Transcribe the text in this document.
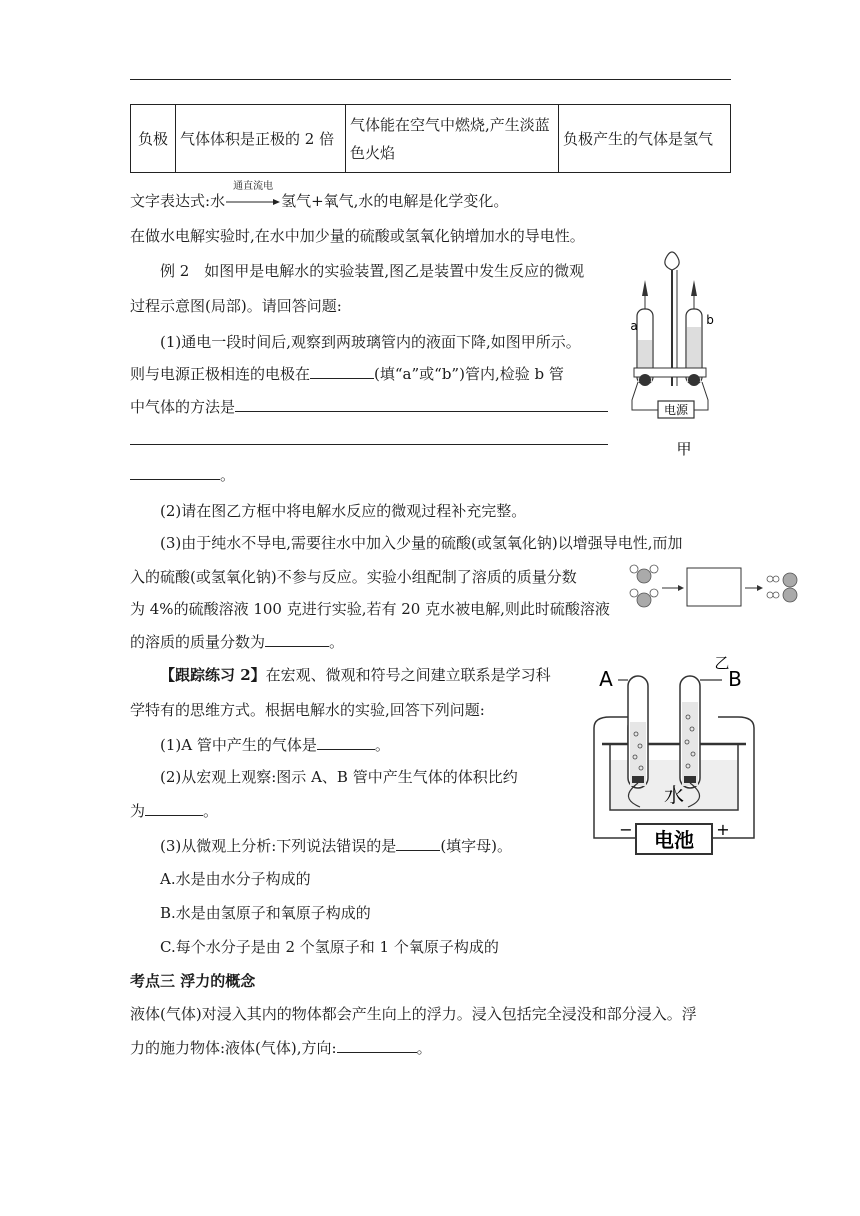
负极	气体体积是正极的 2 倍	气体能在空气中燃烧,产生淡蓝色火焰	负极产生的气体是氢气
文字表达式:水
通直流电
氢气+氧气,水的电解是化学变化。
在做水电解实验时,在水中加少量的硫酸或氢氧化钠增加水的导电性。
例 2　如图甲是电解水的实验装置,图乙是装置中发生反应的微观
过程示意图(局部)。请回答问题:
(1)通电一段时间后,观察到两玻璃管内的液面下降,如图甲所示。
则与电源正极相连的电极在	(填“a”或“b”)管内,检验 b 管
中气体的方法是
。
(2)请在图乙方框中将电解水反应的微观过程补充完整。
(3)由于纯水不导电,需要往水中加入少量的硫酸(或氢氧化钠)以增强导电性,而加
入的硫酸(或氢氧化钠)不参与反应。实验小组配制了溶质的质量分数
为 4%的硫酸溶液 100 克进行实验,若有 20 克水被电解,则此时硫酸溶液
的溶质的质量分数为	。
【跟踪练习 2】在宏观、微观和符号之间建立联系是学习科
学特有的思维方式。根据电解水的实验,回答下列问题:
(1)A 管中产生的气体是	。
(2)从宏观上观察:图示 A、B 管中产生气体的体积比约
为	。
(3)从微观上分析:下列说法错误的是	(填字母)。
A.水是由水分子构成的
B.水是由氢原子和氧原子构成的
C.每个水分子是由 2 个氢原子和 1 个氧原子构成的
考点三 浮力的概念
液体(气体)对浸入其内的物体都会产生向上的浮力。浸入包括完全浸没和部分浸入。浮
力的施力物体:液体(气体),方向:	。
电源
a	b
甲
乙
水
电池
−	+
A	B
